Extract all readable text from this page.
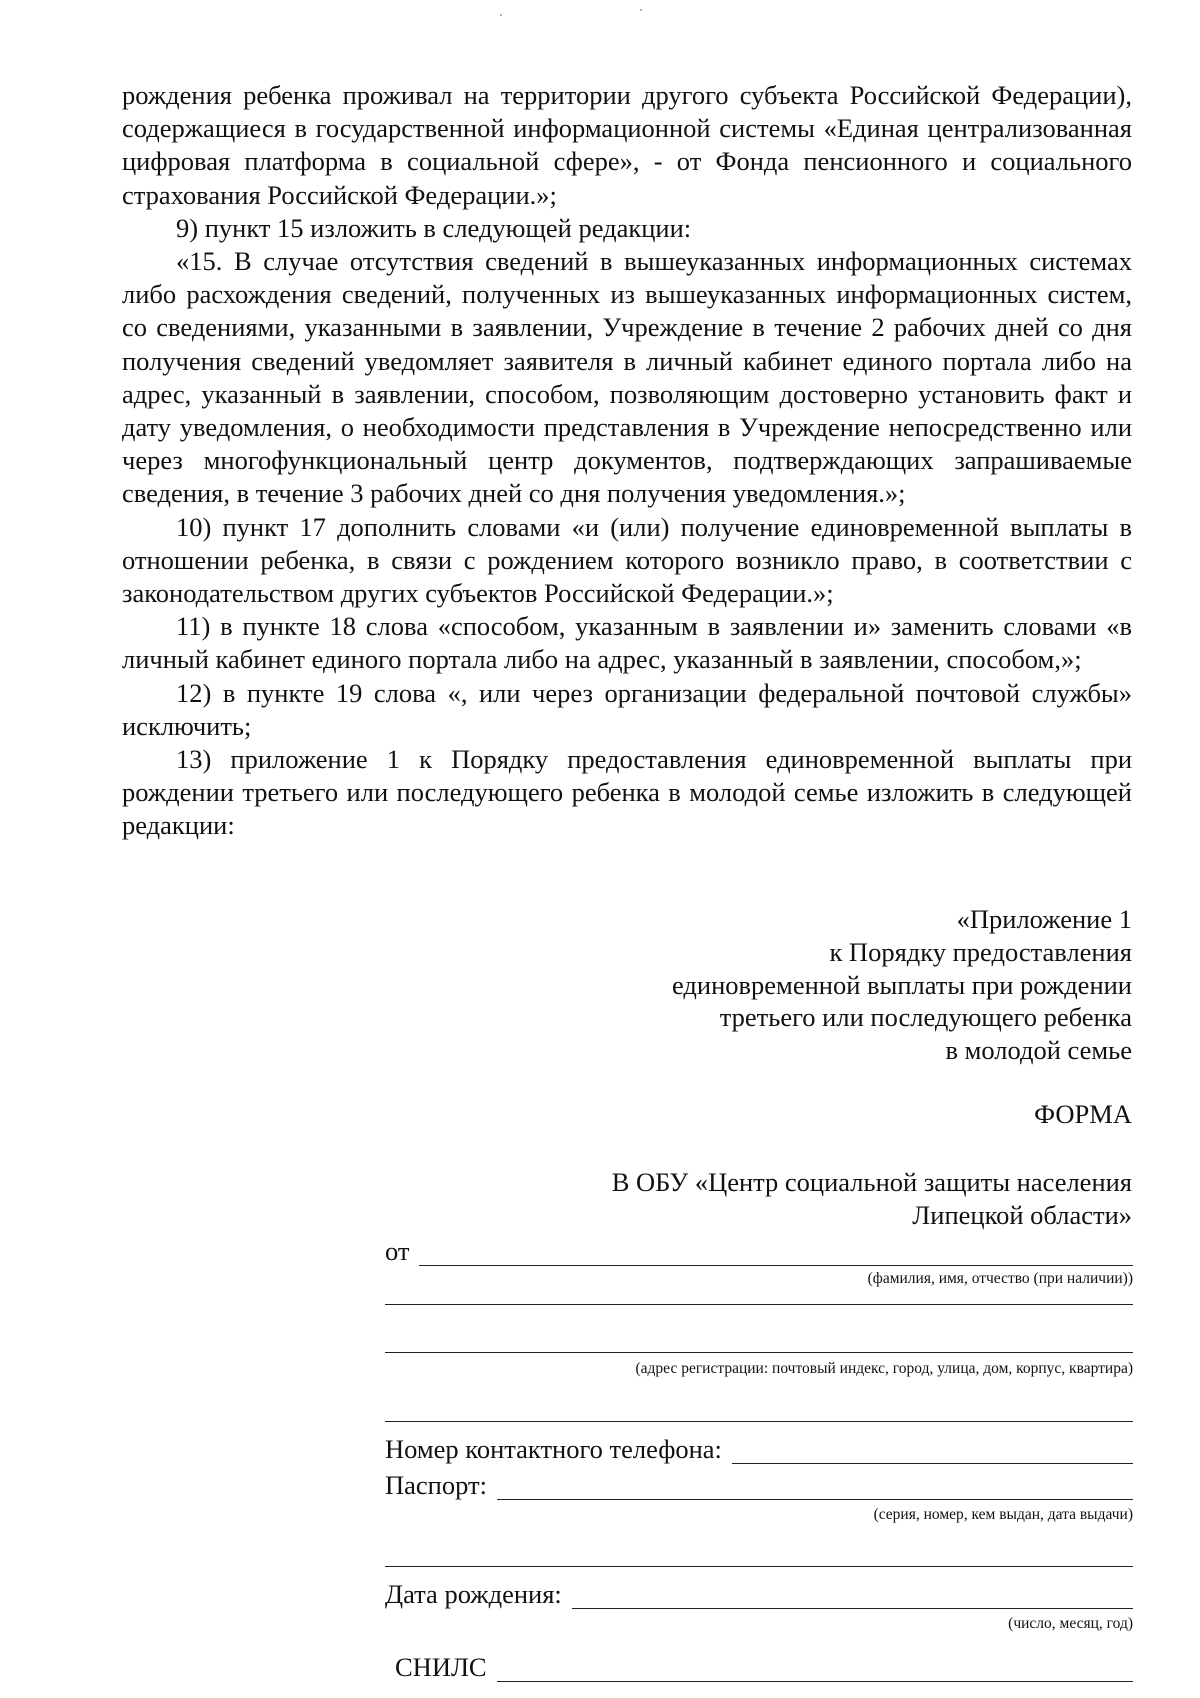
рождения ребенка проживал на территории другого субъекта Российской Федерации), содержащиеся в государственной информационной системы «Единая централизованная цифровая платформа в социальной сфере», - от Фонда пенсионного и социального страхования Российской Федерации.»;

9) пункт 15 изложить в следующей редакции:

«15. В случае отсутствия сведений в вышеуказанных информационных системах либо расхождения сведений, полученных из вышеуказанных информационных систем, со сведениями, указанными в заявлении, Учреждение в течение 2 рабочих дней со дня получения сведений уведомляет заявителя в личный кабинет единого портала либо на адрес, указанный в заявлении, способом, позволяющим достоверно установить факт и дату уведомления, о необходимости представления в Учреждение непосредственно или через многофункциональный центр документов, подтверждающих запрашиваемые сведения, в течение 3 рабочих дней со дня получения уведомления.»;

10) пункт 17 дополнить словами «и (или) получение единовременной выплаты в отношении ребенка, в связи с рождением которого возникло право, в соответствии с законодательством других субъектов Российской Федерации.»;

11) в пункте 18 слова «способом, указанным в заявлении и» заменить словами «в личный кабинет единого портала либо на адрес, указанный в заявлении, способом,»;

12) в пункте 19 слова «, или через организации федеральной почтовой службы» исключить;

13) приложение 1 к Порядку предоставления единовременной выплаты при рождении третьего или последующего ребенка в молодой семье изложить в следующей редакции:

«Приложение 1
к Порядку предоставления
единовременной выплаты при рождении
третьего или последующего ребенка
в молодой семье
ФОРМА
В ОБУ «Центр социальной защиты населения
Липецкой области»
от
(фамилия, имя, отчество (при наличии))
(адрес регистрации: почтовый индекс, город, улица, дом, корпус, квартира)
Номер контактного телефона:
Паспорт:
(серия, номер, кем выдан, дата выдачи)
Дата рождения:
(число, месяц, год)
СНИЛС
